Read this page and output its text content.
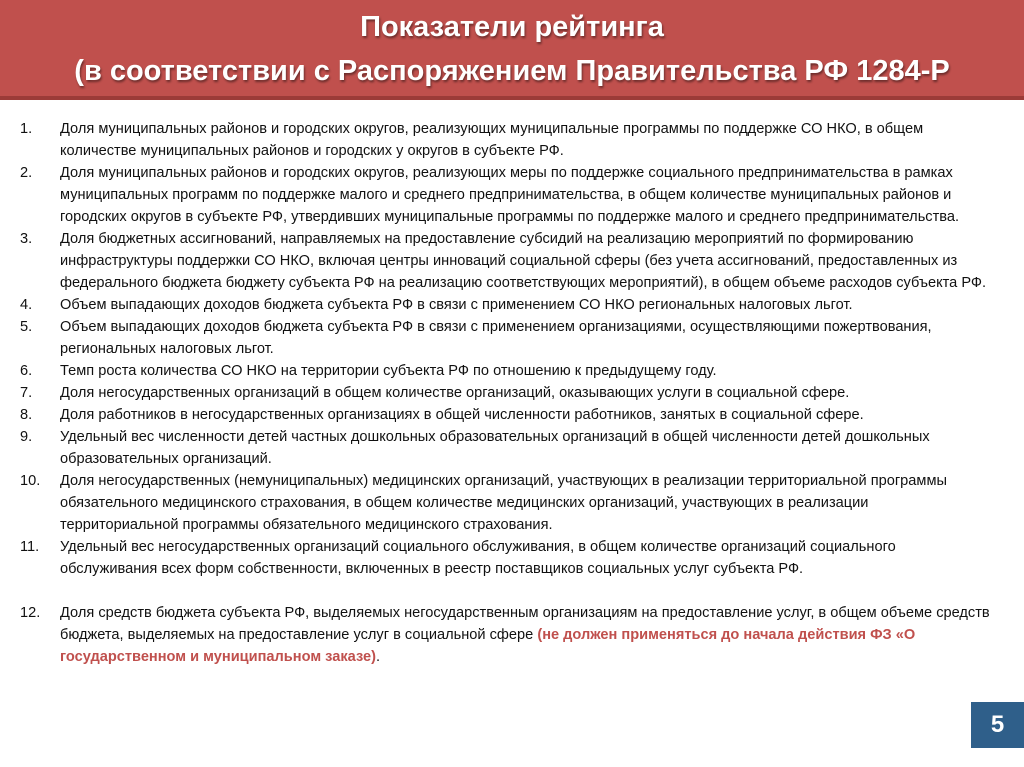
Показатели рейтинга
(в соответствии с Распоряжением Правительства РФ 1284-Р
1. Доля муниципальных районов и городских округов, реализующих муниципальные программы по поддержке СО НКО, в общем количестве муниципальных районов и городских у округов в субъекте РФ.
2. Доля муниципальных районов и городских округов, реализующих меры по поддержке социального предпринимательства в рамках муниципальных программ по поддержке малого и среднего предпринимательства, в общем количестве муниципальных районов и городских округов в субъекте РФ, утвердивших муниципальные программы по поддержке малого и среднего предпринимательства.
3. Доля бюджетных ассигнований, направляемых на предоставление субсидий на реализацию мероприятий по формированию инфраструктуры поддержки СО НКО, включая центры инноваций социальной сферы (без учета ассигнований, предоставленных из федерального бюджета бюджету субъекта РФ на реализацию соответствующих мероприятий), в общем объеме расходов субъекта РФ.
4. Объем выпадающих доходов бюджета субъекта РФ в связи с применением СО НКО региональных налоговых льгот.
5. Объем выпадающих доходов бюджета субъекта РФ в связи с применением организациями, осуществляющими пожертвования, региональных налоговых льгот.
6. Темп роста количества СО НКО на территории субъекта РФ по отношению к предыдущему году.
7. Доля негосударственных организаций в общем количестве организаций, оказывающих услуги в социальной сфере.
8. Доля работников в негосударственных организациях в общей численности работников, занятых в социальной сфере.
9. Удельный вес численности детей частных дошкольных образовательных организаций в общей численности детей дошкольных образовательных организаций.
10. Доля негосударственных (немуниципальных) медицинских организаций, участвующих в реализации территориальной программы обязательного медицинского страхования, в общем количестве медицинских организаций, участвующих в реализации территориальной программы обязательного медицинского страхования.
11. Удельный вес негосударственных организаций социального обслуживания, в общем количестве организаций социального обслуживания всех форм собственности, включенных в реестр поставщиков социальных услуг субъекта РФ.
12. Доля средств бюджета субъекта РФ, выделяемых негосударственным организациям на предоставление услуг, в общем объеме средств бюджета, выделяемых на предоставление услуг в социальной сфере (не должен применяться до начала действия ФЗ «О государственном и муниципальном заказе).
5
